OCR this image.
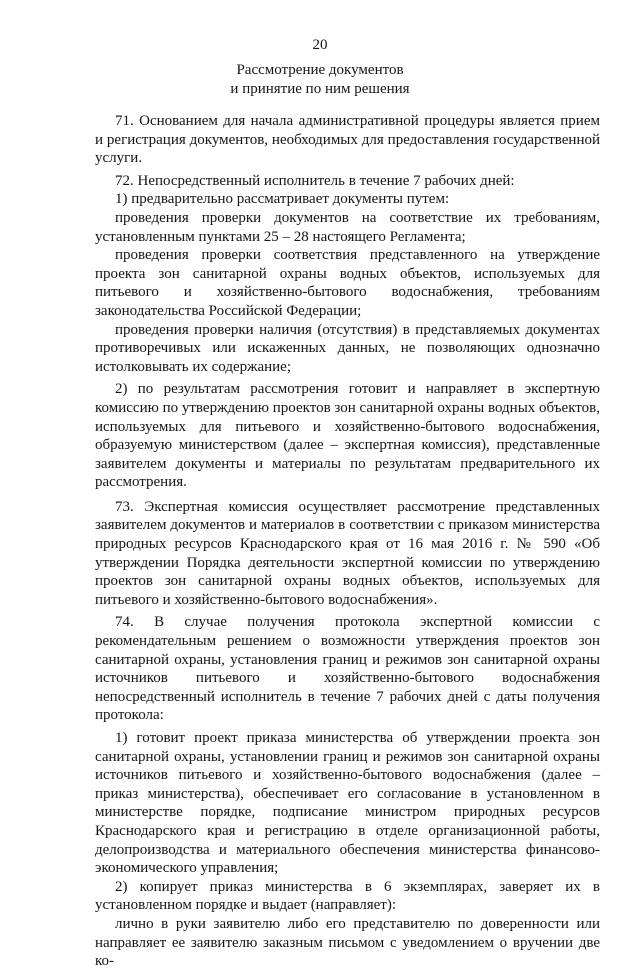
20
Рассмотрение документов
и принятие по ним решения

71. Основанием для начала административной процедуры является прием и регистрация документов, необходимых для предоставления государственной услуги.

72. Непосредственный исполнитель в течение 7 рабочих дней:

1) предварительно рассматривает документы путем:

проведения проверки документов на соответствие их требованиям, установленным пунктами 25 – 28 настоящего Регламента;

проведения проверки соответствия представленного на утверждение проекта зон санитарной охраны водных объектов, используемых для питьевого и хозяйственно-бытового водоснабжения, требованиям законодательства Российской Федерации;

проведения проверки наличия (отсутствия) в представляемых документах противоречивых или искаженных данных, не позволяющих однозначно истолковывать их содержание;

2) по результатам рассмотрения готовит и направляет в экспертную комиссию по утверждению проектов зон санитарной охраны водных объектов, используемых для питьевого и хозяйственно-бытового водоснабжения, образуемую министерством (далее – экспертная комиссия), представленные заявителем документы и материалы по результатам предварительного их рассмотрения.

73. Экспертная комиссия осуществляет рассмотрение представленных заявителем документов и материалов в соответствии с приказом министерства природных ресурсов Краснодарского края от 16 мая 2016 г. № 590 «Об утверждении Порядка деятельности экспертной комиссии по утверждению проектов зон санитарной охраны водных объектов, используемых для питьевого и хозяйственно-бытового водоснабжения».

74. В случае получения протокола экспертной комиссии с рекомендательным решением о возможности утверждения проектов зон санитарной охраны, установления границ и режимов зон санитарной охраны источников питьевого и хозяйственно-бытового водоснабжения непосредственный исполнитель в течение 7 рабочих дней с даты получения протокола:

1) готовит проект приказа министерства об утверждении проекта зон санитарной охраны, установлении границ и режимов зон санитарной охраны источников питьевого и хозяйственно-бытового водоснабжения (далее – приказ министерства), обеспечивает его согласование в установленном в министерстве порядке, подписание министром природных ресурсов Краснодарского края и регистрацию в отделе организационной работы, делопроизводства и материального обеспечения министерства финансово-экономического управления;

2) копирует приказ министерства в 6 экземплярах, заверяет их в установленном порядке и выдает (направляет):

лично в руки заявителю либо его представителю по доверенности или направляет ее заявителю заказным письмом с уведомлением о вручении две ко-
